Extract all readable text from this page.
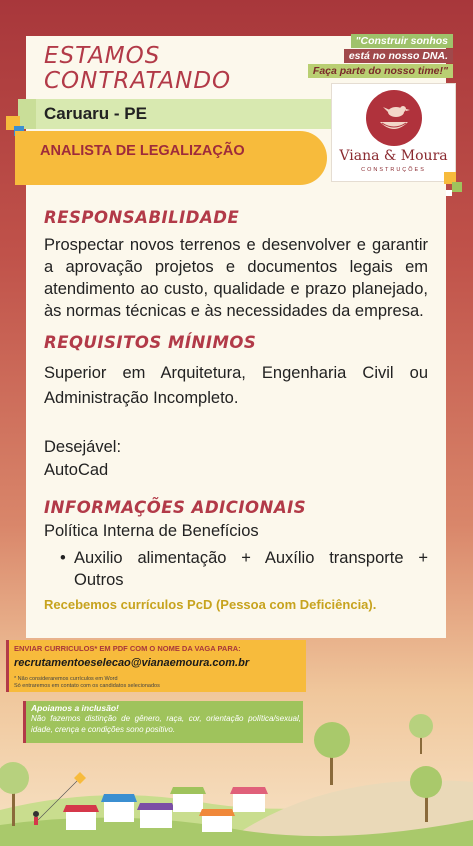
ESTAMOS
CONTRATANDO
"Construir sonhos
está no nosso DNA.
Faça parte do nosso time!"
Caruaru - PE
ANALISTA DE LEGALIZAÇÃO	Viana & Moura
CONSTRUÇÕES
RESPONSABILIDADE
Prospectar novos terrenos e desenvolver e garantir a aprovação projetos e documentos legais em atendimento ao custo, qualidade e prazo planejado, às normas técnicas e às necessidades da empresa.
REQUISITOS MÍNIMOS
Superior em Arquitetura, Engenharia Civil ou Administração Incompleto.
Desejável:
AutoCad
INFORMAÇÕES ADICIONAIS
Política Interna de Benefícios
• Auxilio alimentação + Auxílio transporte + Outros
Recebemos currículos PcD (Pessoa com Deficiência).
ENVIAR CURRICULOS* EM PDF COM O NOME DA VAGA PARA:
recrutamentoeselecao@vianaemoura.com.br
* Não consideraremos currículos em Word
Só entraremos em contato com os candidatos selecionados
Apoiamos a inclusão!
Não fazemos distinção de gênero, raça, cor, orientação política/sexual, idade, crença e condições sono positivo.
